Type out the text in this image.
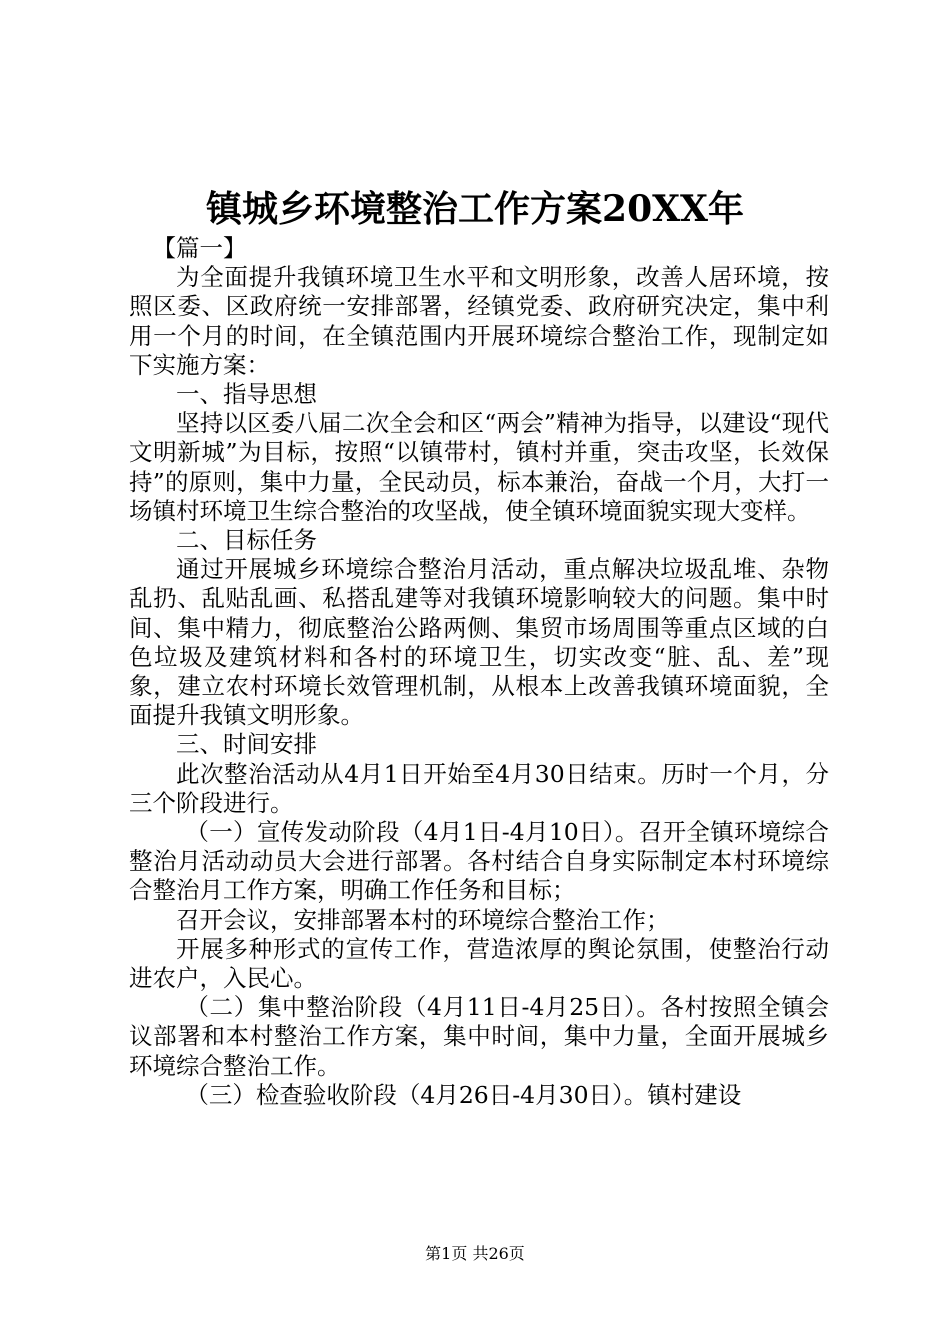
镇城乡环境整治工作方案20XX年

【篇一】

为全面提升我镇环境卫生水平和文明形象，改善人居环境，按照区委、区政府统一安排部署，经镇党委、政府研究决定，集中利用一个月的时间，在全镇范围内开展环境综合整治工作，现制定如下实施方案：

一、指导思想

坚持以区委八届二次全会和区“两会”精神为指导，以建设“现代文明新城”为目标，按照“以镇带村，镇村并重，突击攻坚，长效保持”的原则，集中力量，全民动员，标本兼治，奋战一个月，大打一场镇村环境卫生综合整治的攻坚战，使全镇环境面貌实现大变样。

二、目标任务

通过开展城乡环境综合整治月活动，重点解决垃圾乱堆、杂物乱扔、乱贴乱画、私搭乱建等对我镇环境影响较大的问题。集中时间、集中精力，彻底整治公路两侧、集贸市场周围等重点区域的白色垃圾及建筑材料和各村的环境卫生，切实改变“脏、乱、差”现象，建立农村环境长效管理机制，从根本上改善我镇环境面貌，全面提升我镇文明形象。

三、时间安排

此次整治活动从4月1日开始至4月30日结束。历时一个月，分三个阶段进行。

（一）宣传发动阶段（4月1日-4月10日）。召开全镇环境综合整治月活动动员大会进行部署。各村结合自身实际制定本村环境综合整治月工作方案，明确工作任务和目标；

召开会议，安排部署本村的环境综合整治工作；

开展多种形式的宣传工作，营造浓厚的舆论氛围，使整治行动进农户，入民心。

（二）集中整治阶段（4月11日-4月25日）。各村按照全镇会议部署和本村整治工作方案，集中时间，集中力量，全面开展城乡环境综合整治工作。

（三）检查验收阶段（4月26日-4月30日）。镇村建设

第1页 共26页
